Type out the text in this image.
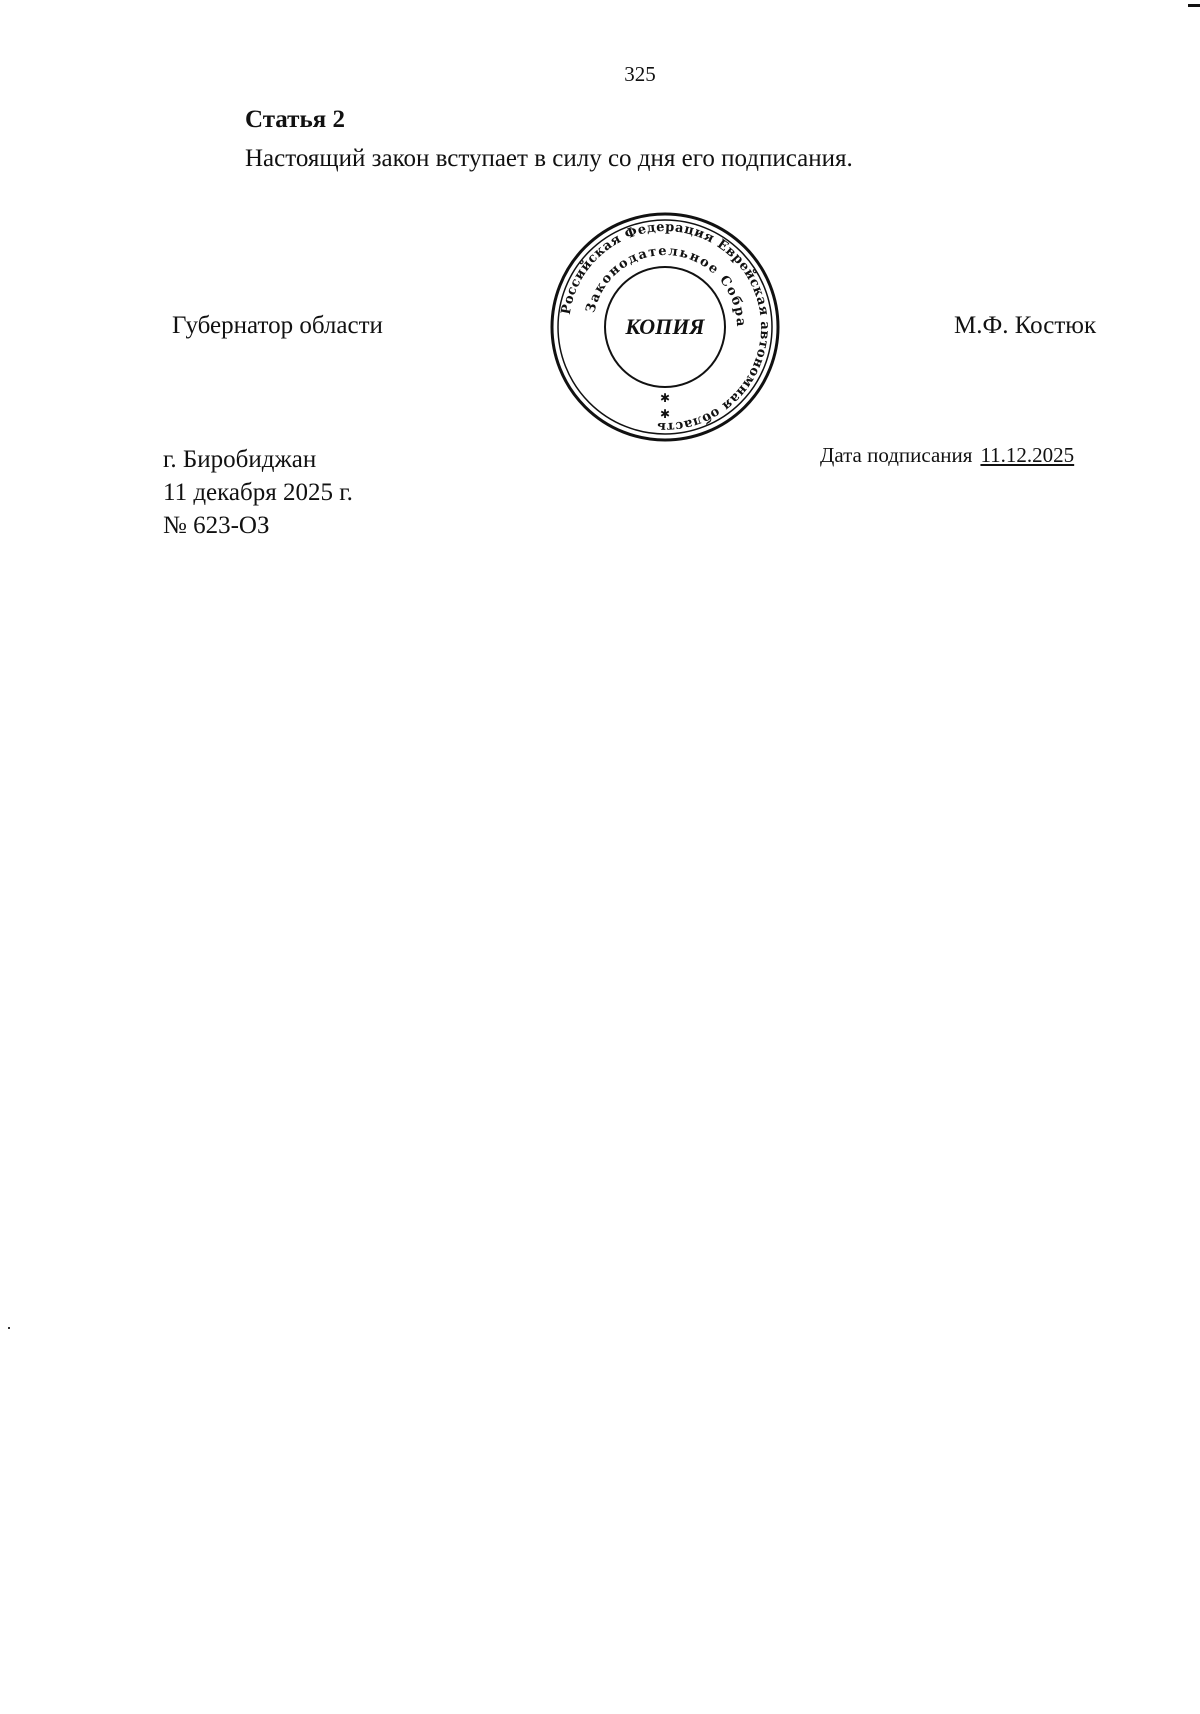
325
Статья 2
Настоящий закон вступает в силу со дня его подписания.
Губернатор области
Российская Федерация Еврейская автономная область
Законодательное Собра
КОПИЯ
✱
✱
М.Ф. Костюк
г. Биробиджан
11 декабря 2025 г.
№ 623-ОЗ
Дата подписания 11.12.2025
